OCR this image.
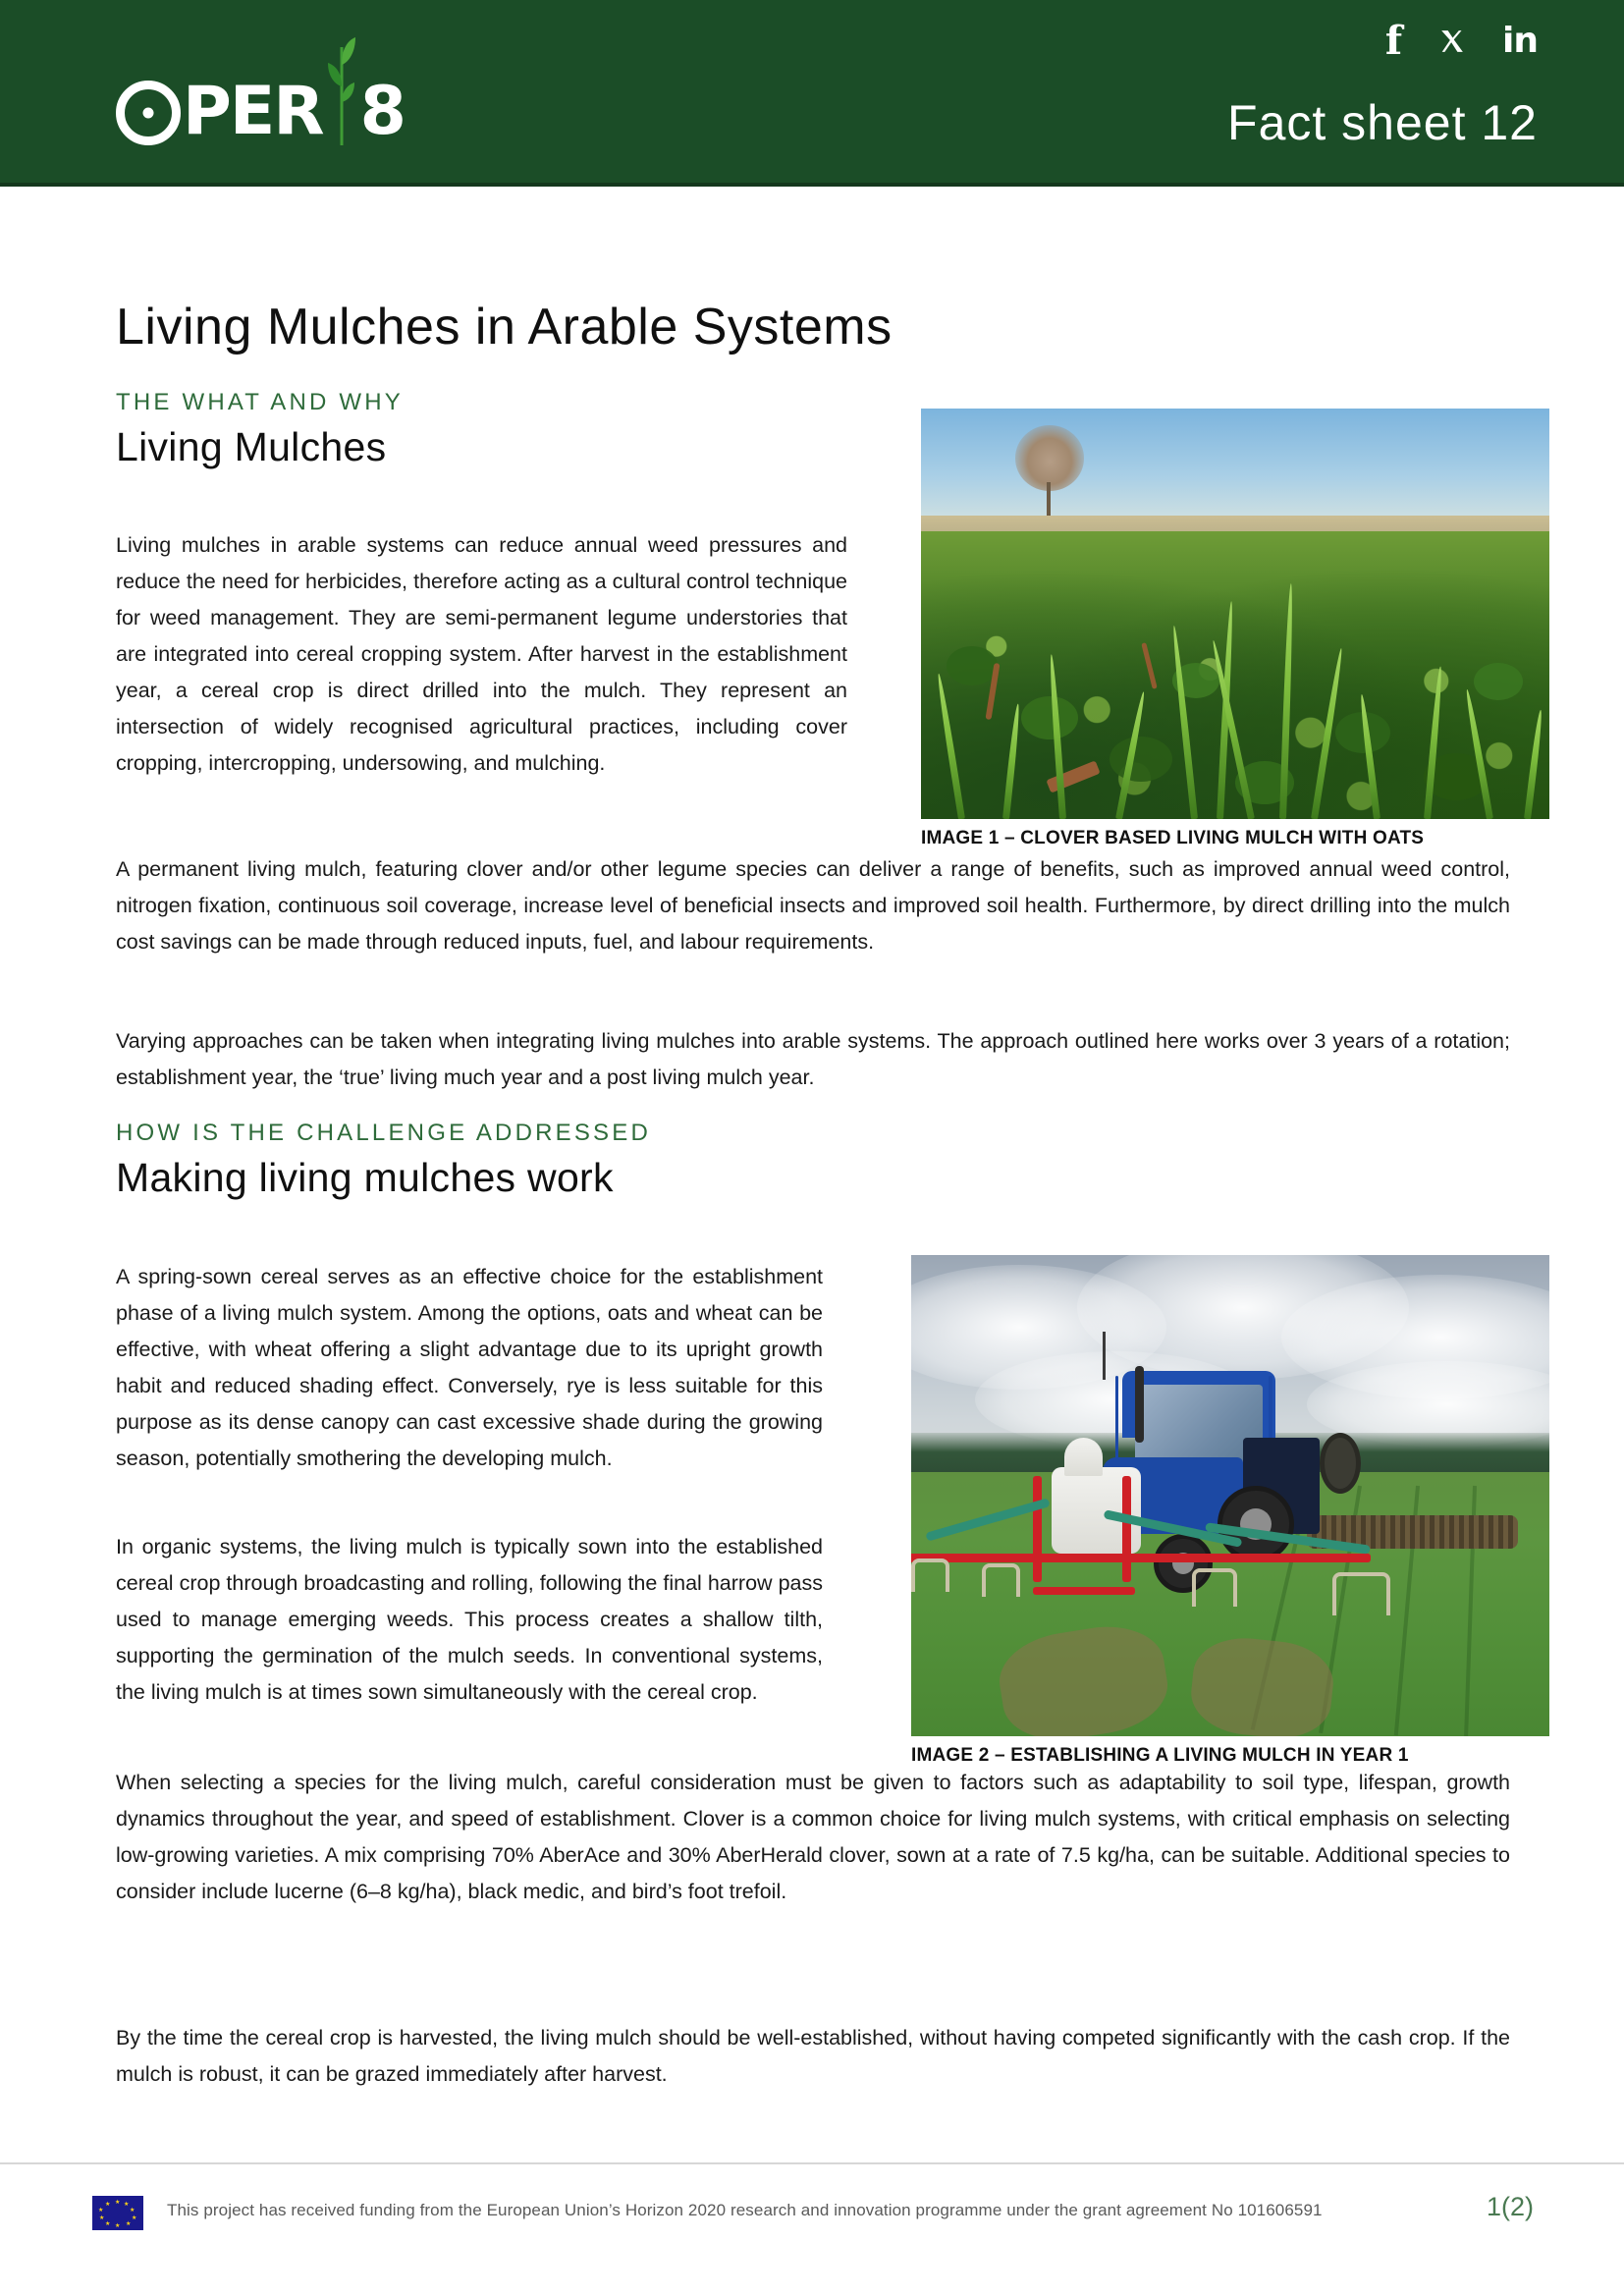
PER 8
f	in
Fact sheet 12
Living Mulches in Arable Systems
THE WHAT AND WHY
Living Mulches

Living mulches in arable systems can reduce annual weed pressures and reduce the need for herbicides, therefore acting as a cultural control technique for weed management. They are semi-permanent legume understories that are integrated into cereal cropping system. After harvest in the establishment year, a cereal crop is direct drilled into the mulch. They represent an intersection of widely recognised agricultural practices, including cover cropping, intercropping, undersowing, and mulching.

A permanent living mulch, featuring clover and/or other legume species can deliver a range of benefits, such as improved annual weed control, nitrogen fixation, continuous soil coverage, increase level of beneficial insects and improved soil health. Furthermore, by direct drilling into the mulch cost savings can be made through reduced inputs, fuel, and labour requirements.

Varying approaches can be taken when integrating living mulches into arable systems. The approach outlined here works over 3 years of a rotation; establishment year, the ‘true’ living much year and a post living mulch year.

IMAGE 1 – CLOVER BASED LIVING MULCH WITH OATS
HOW IS THE CHALLENGE ADDRESSED
Making living mulches work

A spring-sown cereal serves as an effective choice for the establishment phase of a living mulch system. Among the options, oats and wheat can be effective, with wheat offering a slight advantage due to its upright growth habit and reduced shading effect. Conversely, rye is less suitable for this purpose as its dense canopy can cast excessive shade during the growing season, potentially smothering the developing mulch.

In organic systems, the living mulch is typically sown into the established cereal crop through broadcasting and rolling, following the final harrow pass used to manage emerging weeds. This process creates a shallow tilth, supporting the germination of the mulch seeds. In conventional systems, the living mulch is at times sown simultaneously with the cereal crop.

When selecting a species for the living mulch, careful consideration must be given to factors such as adaptability to soil type, lifespan, growth dynamics throughout the year, and speed of establishment. Clover is a common choice for living mulch systems, with critical emphasis on selecting low-growing varieties. A mix comprising 70% AberAce and 30% AberHerald clover, sown at a rate of 7.5 kg/ha, can be suitable. Additional species to consider include lucerne (6–8 kg/ha), black medic, and bird’s foot trefoil.

By the time the cereal crop is harvested, the living mulch should be well-established, without having competed significantly with the cash crop. If the mulch is robust, it can be grazed immediately after harvest.

IMAGE 2 – ESTABLISHING A LIVING MULCH IN YEAR 1
★ ★
★
★
★
★
★
★
★
★	This project has received funding from the European Union’s Horizon 2020 research and innovation programme under the grant agreement No 101606591	1(2)
